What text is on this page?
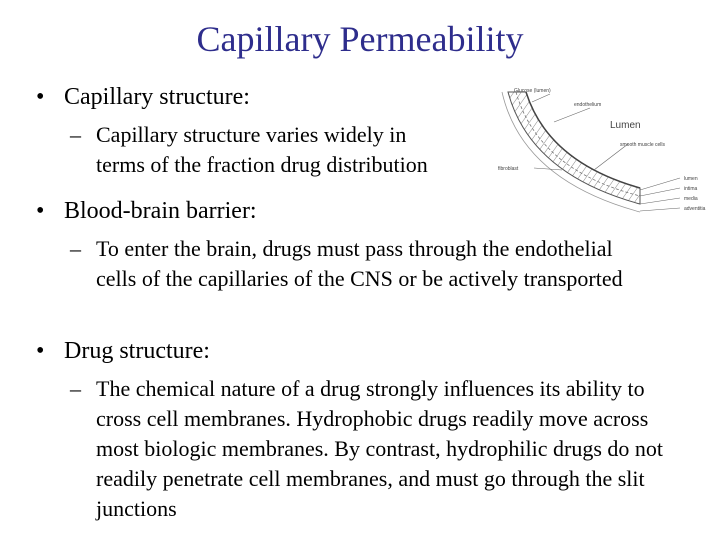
Capillary Permeability
• Capillary structure:
– Capillary structure varies widely in
terms of the fraction drug distribution
Glucose (lumen)
endothelium
Lumen
smooth muscle cells
fibroblast
lumen
intima
media
adventitia
• Blood-brain barrier:
– To enter the brain, drugs must pass through the endothelial cells of the capillaries of the CNS or be actively transported
• Drug structure:
– The chemical nature of a drug strongly influences its ability to cross cell membranes. Hydrophobic drugs readily move across most biologic membranes. By contrast, hydrophilic drugs do not readily penetrate cell membranes, and must go through the slit junctions
